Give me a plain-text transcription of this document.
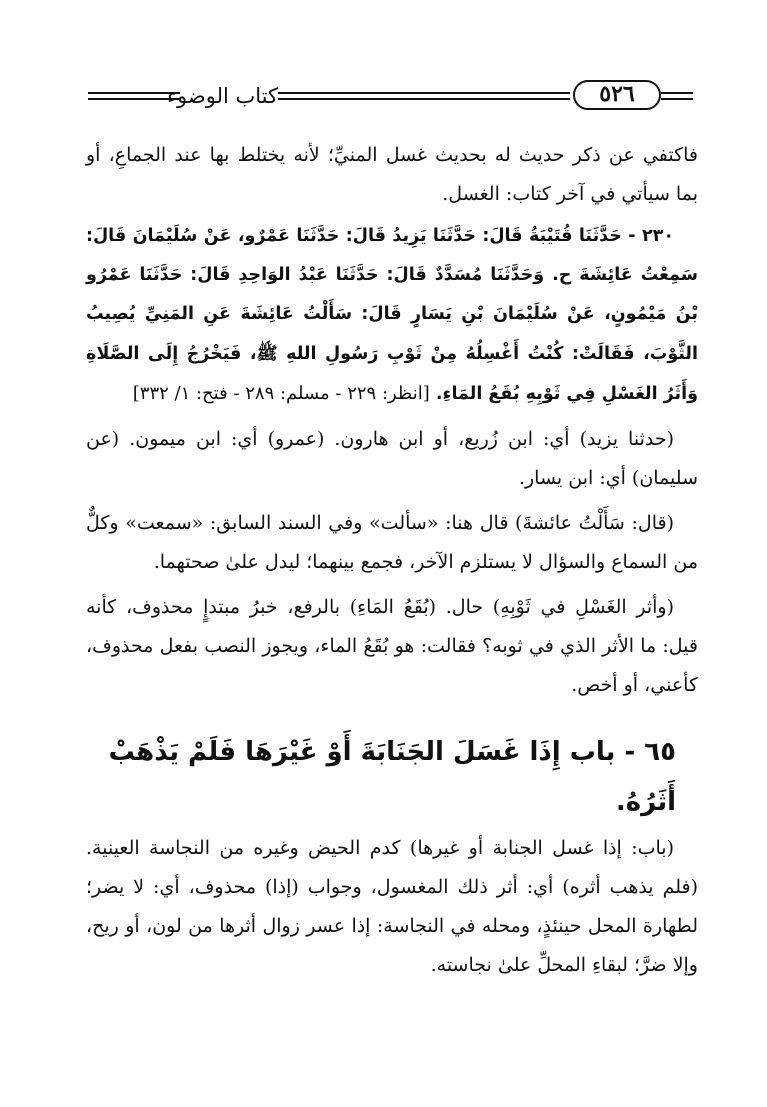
كتاب الوضوء	٥٢٦

فاكتفي عن ذكر حديث له بحديث غسل المنيِّ؛ لأنه يختلط بها عند الجماعِ، أو بما سيأتي في آخر كتاب: الغسل.

٢٣٠ - حَدَّثَنَا قُتَيْبَةُ قَالَ: حَدَّثَنَا يَزِيدُ قَالَ: حَدَّثَنَا عَمْرٌو، عَنْ سُلَيْمَانَ قَالَ: سَمِعْتُ عَائِشَةَ ح. وَحَدَّثَنَا مُسَدَّدٌ قَالَ: حَدَّثَنَا عَبْدُ الوَاحِدِ قَالَ: حَدَّثَنَا عَمْرُو بْنُ مَيْمُونٍ، عَنْ سُلَيْمَانَ بْنِ يَسَارٍ قَالَ: سَأَلْتُ عَائِشَةَ عَنِ المَنِيِّ يُصِيبُ الثَّوْبَ، فَقَالَتْ: كُنْتُ أَغْسِلُهُ مِنْ ثَوْبِ رَسُولِ اللهِ ﷺ، فَيَخْرُجُ إِلَى الصَّلَاةِ وَأَثَرُ الغَسْلِ فِي ثَوْبِهِ بُقَعُ المَاءِ. [انظر: ٢٢٩ - مسلم: ٢٨٩ - فتح: ١/ ٣٣٢]

(حدثنا يزيد) أي: ابن زُريع، أو ابن هارون. (عمرو) أي: ابن ميمون. (عن سليمان) أي: ابن يسار.

(قال: سَأَلْتُ عائشةَ) قال هنا: «سألت» وفي السند السابق: «سمعت» وكلٌّ من السماع والسؤال لا يستلزم الآخر، فجمع بينهما؛ ليدل علىٰ صحتهما.

(وأثر الغَسْلِ في ثَوْبِهِ) حال. (بُقَعُ المَاءِ) بالرفع، خبرُ مبتدإٍ محذوف، كأنه قيل: ما الأثر الذي في ثوبه؟ فقالت: هو بُقَعُ الماء، ويجوز النصب بفعل محذوف، كأعني، أو أخص.

٦٥ - باب إِذَا غَسَلَ الجَنَابَةَ أَوْ غَيْرَهَا فَلَمْ يَذْهَبْ أَثَرُهُ.

(باب: إذا غسل الجنابة أو غيرها) كدم الحيض وغيره من النجاسة العينية. (فلم يذهب أثره) أي: أثر ذلك المغسول، وجواب (إذا) محذوف، أي: لا يضر؛ لطهارة المحل حينئذٍ، ومحله في النجاسة: إذا عسر زوال أثرها من لون، أو ريح، وإلا ضرَّ؛ لبقاءِ المحلِّ علىٰ نجاسته.
